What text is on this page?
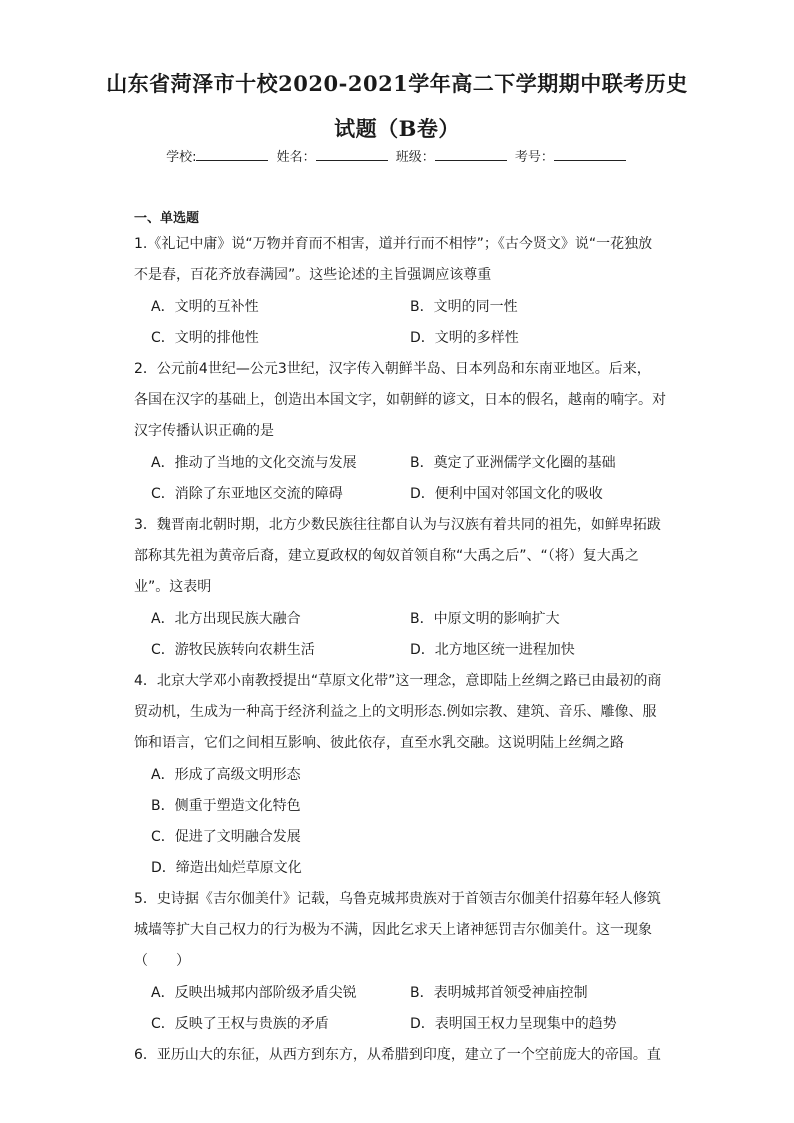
山东省菏泽市十校2020-2021学年高二下学期期中联考历史
试题（B卷）
学校:	姓名：	班级：	考号：
一、单选题
1.《礼记中庸》说“万物并育而不相害，道并行而不相悖”；《古今贤文》说“一花独放
不是春，百花齐放春满园”。这些论述的主旨强调应该尊重
A．文明的互补性	B．文明的同一性
C．文明的排他性	D．文明的多样性
2．公元前4世纪—公元3世纪，汉字传入朝鲜半岛、日本列岛和东南亚地区。后来，
各国在汉字的基础上，创造出本国文字，如朝鲜的谚文，日本的假名，越南的喃字。对
汉字传播认识正确的是
A．推动了当地的文化交流与发展	B．奠定了亚洲儒学文化圈的基础
C．消除了东亚地区交流的障碍	D．便利中国对邻国文化的吸收
3．魏晋南北朝时期，北方少数民族往往都自认为与汉族有着共同的祖先，如鲜卑拓跋
部称其先祖为黄帝后裔，建立夏政权的匈奴首领自称“大禹之后”、“（将）复大禹之
业”。这表明
A．北方出现民族大融合	B．中原文明的影响扩大
C．游牧民族转向农耕生活	D．北方地区统一进程加快
4．北京大学邓小南教授提出“草原文化带”这一理念，意即陆上丝绸之路已由最初的商
贸动机，生成为一种高于经济利益之上的文明形态.例如宗教、建筑、音乐、雕像、服
饰和语言，它们之间相互影响、彼此依存，直至水乳交融。这说明陆上丝绸之路
A．形成了高级文明形态
B．侧重于塑造文化特色
C．促进了文明融合发展
D．缔造出灿烂草原文化
5．史诗据《吉尔伽美什》记载，乌鲁克城邦贵族对于首领吉尔伽美什招募年轻人修筑
城墙等扩大自己权力的行为极为不满，因此乞求天上诸神惩罚吉尔伽美什。这一现象
（　　）
A．反映出城邦内部阶级矛盾尖锐	B．表明城邦首领受神庙控制
C．反映了王权与贵族的矛盾	D．表明国王权力呈现集中的趋势
6．亚历山大的东征，从西方到东方，从希腊到印度，建立了一个空前庞大的帝国。直
